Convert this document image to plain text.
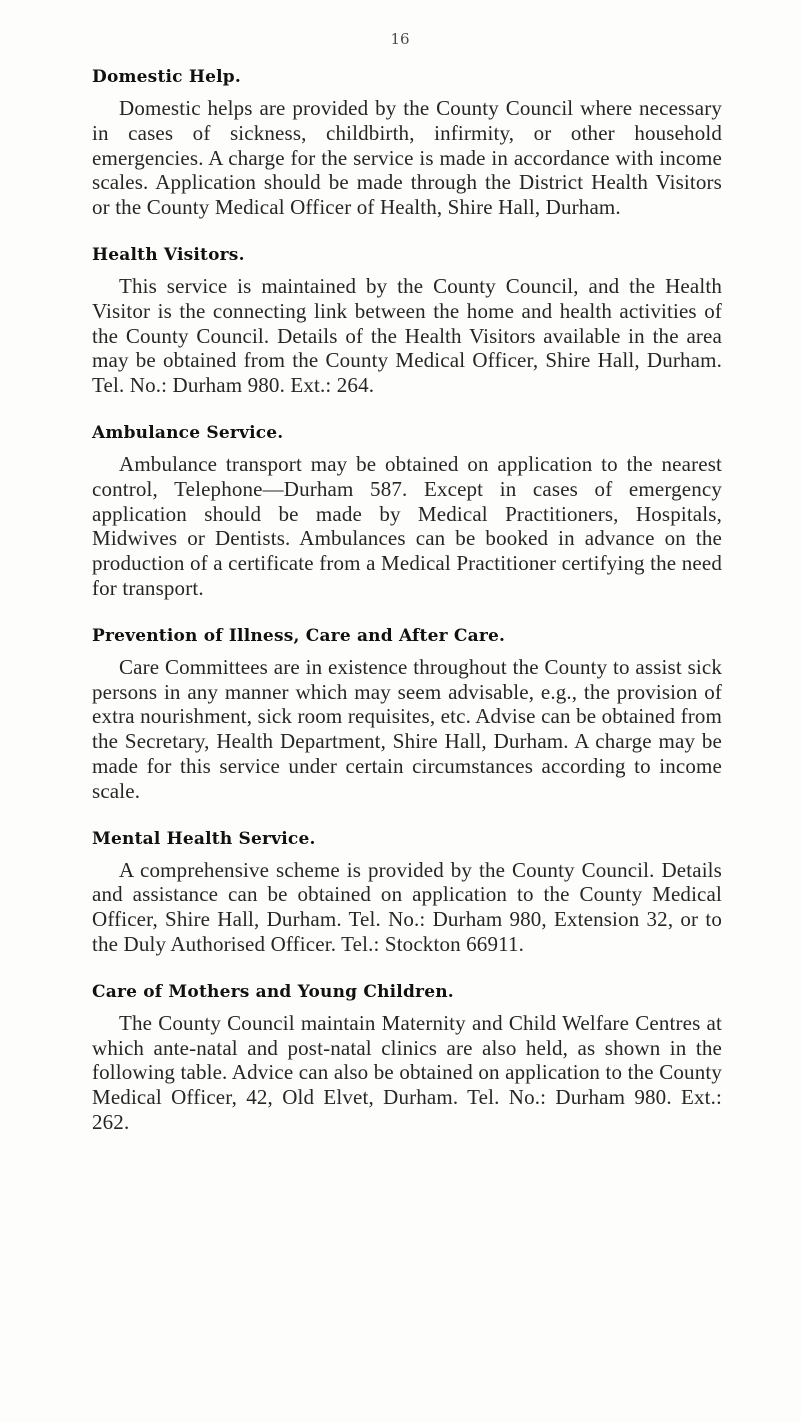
16
Domestic Help.

Domestic helps are provided by the County Council where necessary in cases of sickness, childbirth, infirmity, or other household emergencies. A charge for the service is made in accordance with income scales. Application should be made through the District Health Visitors or the County Medical Officer of Health, Shire Hall, Durham.

Health Visitors.

This service is maintained by the County Council, and the Health Visitor is the connecting link between the home and health activities of the County Council. Details of the Health Visitors available in the area may be obtained from the County Medical Officer, Shire Hall, Durham. Tel. No.: Durham 980. Ext.: 264.

Ambulance Service.

Ambulance transport may be obtained on application to the nearest control, Telephone—Durham 587. Except in cases of emergency application should be made by Medical Practitioners, Hospitals, Midwives or Dentists. Ambulances can be booked in advance on the production of a certificate from a Medical Practitioner certifying the need for transport.

Prevention of Illness, Care and After Care.

Care Committees are in existence throughout the County to assist sick persons in any manner which may seem advisable, e.g., the provision of extra nourishment, sick room requisites, etc. Advise can be obtained from the Secretary, Health Department, Shire Hall, Durham. A charge may be made for this service under certain circumstances according to income scale.

Mental Health Service.

A comprehensive scheme is provided by the County Council. Details and assistance can be obtained on application to the County Medical Officer, Shire Hall, Durham. Tel. No.: Durham 980, Extension 32, or to the Duly Authorised Officer. Tel.: Stockton 66911.

Care of Mothers and Young Children.

The County Council maintain Maternity and Child Welfare Centres at which ante-natal and post-natal clinics are also held, as shown in the following table. Advice can also be obtained on application to the County Medical Officer, 42, Old Elvet, Durham. Tel. No.: Durham 980. Ext.: 262.
